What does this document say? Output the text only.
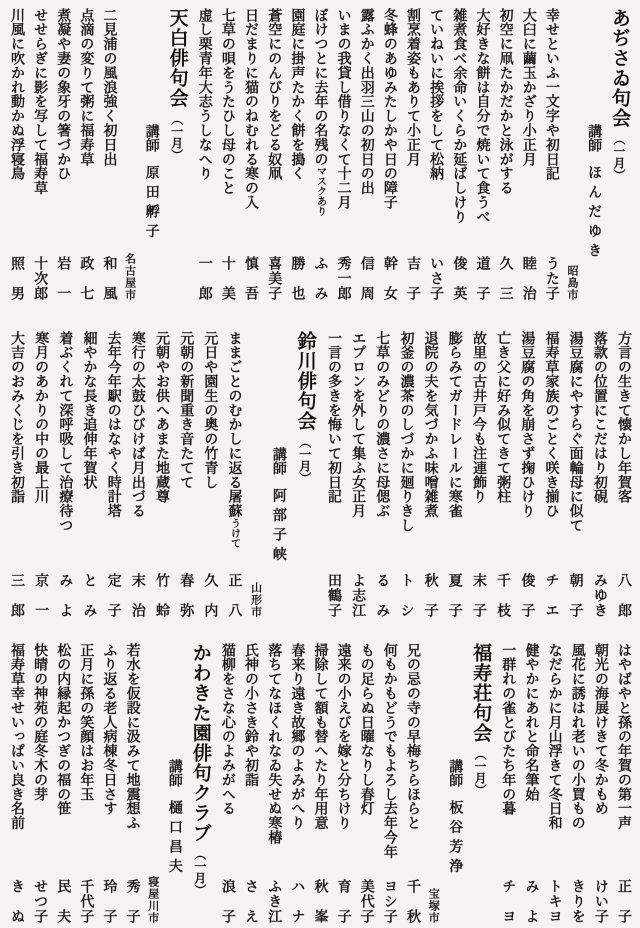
あぢさゐ句会（一月）
講師
ほんだゆき
昭島市
幸せといふ一文字や初日記
うた子
大臼に繭玉かざり小正月
睦　治
初空に凧たかだかと泳がする
久　三
大好きな餅は自分で焼いて食うべ
道　子
雑煮食べ余命いくらか延ばしけり
俊　英
ていねいに挨拶をして松納
いさ子
割烹着姿もありて小正月
吉　子
冬蜂のあゆみたしかや日の障子
幹　女
露ふかく出羽三山の初日の出
信　周
いまの我貸し借りなくて十二月
秀一郎
ぼけつとに去年の名残のマスクあり
ふ　み
園庭に掛声たかく餅を搗く
勝　也
蒼空にのんびりをどる奴凧
喜美子
日だまりに猫のねむれる寒の入
慎　吾
七草の唄をうたひし母のこと
十　美
虚し栗青年大志うしなへり
一　郎
天白俳句会（一月）
講師
原田孵子
名古屋市
二見浦の風浪強く初日出
和　風
点滴の変りて粥に福寿草
政　七
煮凝や妻の象牙の箸づかひ
岩　一
せせらぎに影を写して福寿草
十次郎
川風に吹かれ動かぬ浮寝鳥
照　男
方言の生きて懐かし年賀客
八　郎
落款の位置にこだはり初硯
みゆき
湯豆腐にやすらぐ面輪母に似て
朝　子
福寿草家族のごとく咲き揃ひ
チ　エ
湯豆腐の角を崩さず掬ひけり
俊　子
亡き父に好み似てきて粥柱
千　枝
故里の古井戸今も注連飾り
末　子
膨らみてガードレールに寒雀
夏　子
退院の夫を気づかふ味噌雑煮
秋　子
初釜の濃茶のしづかに廻りきし
ト　シ
七草のみどりの濃さに母偲ぶ
る　み
エプロンを外して集ふ女正月
よ志江
一言の多きを悔いて初日記
田鶴子
鈴川俳句会（一月）
講師
阿部子峡
山形市
ままごとのむかしに返る屠蘇うけて
正　八
元日や園生の奥の竹青し
久　内
元朝の新聞重き音たてて
春　弥
元朝やお供へあまた地蔵尊
竹　蛉
寒行の太鼓ひびけば月出づる
末　治
去年今年駅のはなやく時計塔
定　子
細やかな長き追伸年賀状
と　み
着ぶくれて深呼吸して治療待つ
み　よ
寒月のあかりの中の最上川
京　一
大吉のおみくじを引き初詣
三　郎
はやばやと孫の年賀の第一声
正　子
朝光の海展けきて冬かもめ
けい子
風花に誘はれ老いの小買もの
きりを
なだらかに月山浮きて冬日和
トキヨ
健やかにあれと命名筆始
み　よ
一群れの雀とびたち年の暮
チ　ヨ
福寿荘句会（一月）
講師
板谷芳浄
宝塚市
兄の忌の寺の早梅ちらほらと
千　秋
何もかもどうでもよろし去年今年
ヨシ子
もの足らぬ日曜なりし春灯
美代子
遠来の小えびを嫁と分ちけり
育　子
掃除して額も替へたり年用意
秋　峯
春来り遠き故郷のよみがへり
ハ　ナ
落ちてなほくれなゐ失せぬ寒椿
ふき江
氏神の小さき鈴や初詣
さ　え
猫柳をさな心のよみがへる
浪　子
かわきた園俳句クラブ（一月）
講師
樋口昌夫
寝屋川市
若水を仮設に汲みて地震想ふ
秀　子
ふり返る老人病棟冬日さす
玲　子
正月に孫の笑顔はお年玉
千代子
松の内縁起かつぎの福の笹
民　夫
快晴の神苑の庭冬木の芽
せつ子
福寿草幸せいっぱい良き名前
き　ぬ
